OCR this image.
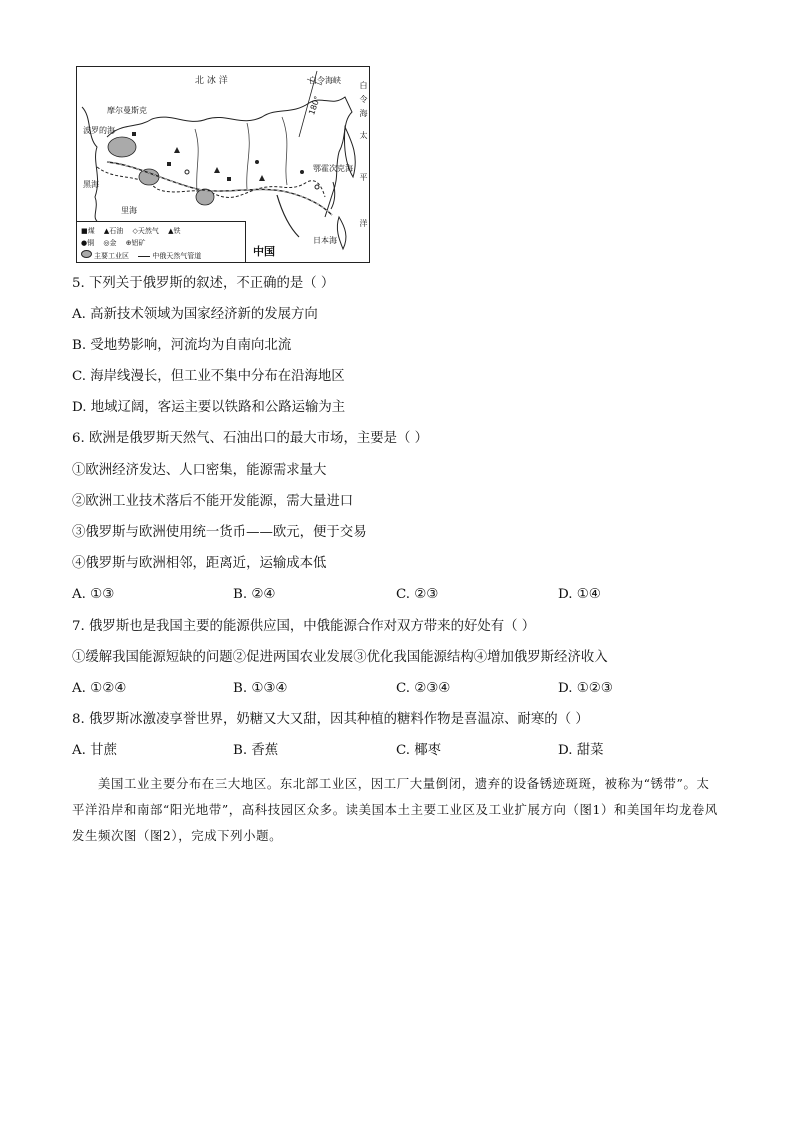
北 冰 洋	白令海峡
摩尔曼斯克
波罗的海
黑海
里海
鄂霍次克海
日本海
180°
白
令
海
太
平
洋
■煤 ▲石油 ◇天然气 ▲铁
●铜 ◎金 ⊕铝矿
主要工业区	中俄天然气管道	中国
5. 下列关于俄罗斯的叙述，不正确的是（ ）
A. 高新技术领域为国家经济新的发展方向
B. 受地势影响，河流均为自南向北流
C. 海岸线漫长，但工业不集中分布在沿海地区
D. 地域辽阔，客运主要以铁路和公路运输为主
6. 欧洲是俄罗斯天然气、石油出口的最大市场，主要是（ ）
①欧洲经济发达、人口密集，能源需求量大
②欧洲工业技术落后不能开发能源，需大量进口
③俄罗斯与欧洲使用统一货币——欧元，便于交易
④俄罗斯与欧洲相邻，距离近，运输成本低
A. ①③	B. ②④	C. ②③	D. ①④
7. 俄罗斯也是我国主要的能源供应国，中俄能源合作对双方带来的好处有（ ）
①缓解我国能源短缺的问题②促进两国农业发展③优化我国能源结构④增加俄罗斯经济收入
A. ①②④	B. ①③④	C. ②③④	D. ①②③
8. 俄罗斯冰激凌享誉世界，奶糖又大又甜，因其种植的糖料作物是喜温凉、耐寒的（ ）
A. 甘蔗	B. 香蕉	C. 椰枣	D. 甜菜
美国工业主要分布在三大地区。东北部工业区，因工厂大量倒闭，遗弃的设备锈迹斑斑，被称为“锈带”。太平洋沿岸和南部“阳光地带”，高科技园区众多。读美国本土主要工业区及工业扩展方向（图1）和美国年均龙卷风发生频次图（图2），完成下列小题。
